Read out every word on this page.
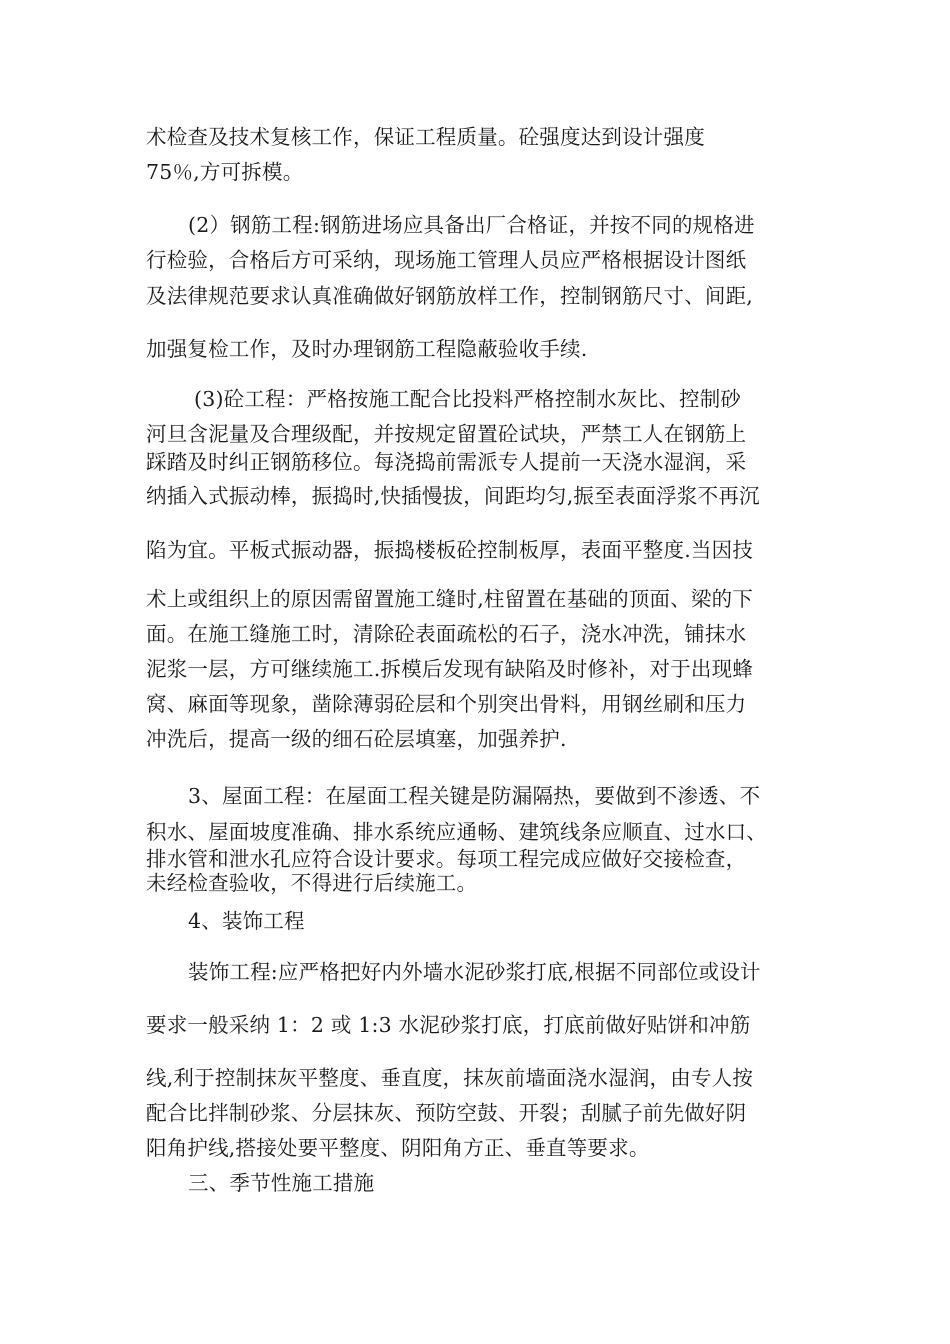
术检查及技术复核工作，保证工程质量。砼强度达到设计强度
75％,方可拆模。
(2）钢筋工程:钢筋进场应具备出厂合格证，并按不同的规格进
行检验，合格后方可采纳，现场施工管理人员应严格根据设计图纸
及法律规范要求认真准确做好钢筋放样工作，控制钢筋尺寸、间距,
加强复检工作，及时办理钢筋工程隐蔽验收手续.
(3)砼工程：严格按施工配合比投料严格控制水灰比、控制砂
河旦含泥量及合理级配，并按规定留置砼试块，严禁工人在钢筋上
踩踏及时纠正钢筋移位。每浇捣前需派专人提前一天浇水湿润，采
纳插入式振动棒，振捣时,快插慢拔，间距均匀,振至表面浮浆不再沉
陷为宜。平板式振动器，振捣楼板砼控制板厚，表面平整度.当因技
术上或组织上的原因需留置施工缝时,柱留置在基础的顶面、梁的下
面。在施工缝施工时，清除砼表面疏松的石子，浇水冲洗，铺抹水
泥浆一层，方可继续施工.拆模后发现有缺陷及时修补，对于出现蜂
窝、麻面等现象，凿除薄弱砼层和个别突出骨料，用钢丝刷和压力
冲洗后，提高一级的细石砼层填塞，加强养护.
3、屋面工程：在屋面工程关键是防漏隔热，要做到不渗透、不
积水、屋面坡度准确、排水系统应通畅、建筑线条应顺直、过水口、
排水管和泄水孔应符合设计要求。每项工程完成应做好交接检查，
未经检查验收，不得进行后续施工。
4、装饰工程
装饰工程:应严格把好内外墙水泥砂浆打底,根据不同部位或设计
要求一般采纳 1：2 或 1:3 水泥砂浆打底，打底前做好贴饼和冲筋
线,利于控制抹灰平整度、垂直度，抹灰前墙面浇水湿润，由专人按
配合比拌制砂浆、分层抹灰、预防空鼓、开裂；刮腻子前先做好阴
阳角护线,搭接处要平整度、阴阳角方正、垂直等要求。
三、季节性施工措施
